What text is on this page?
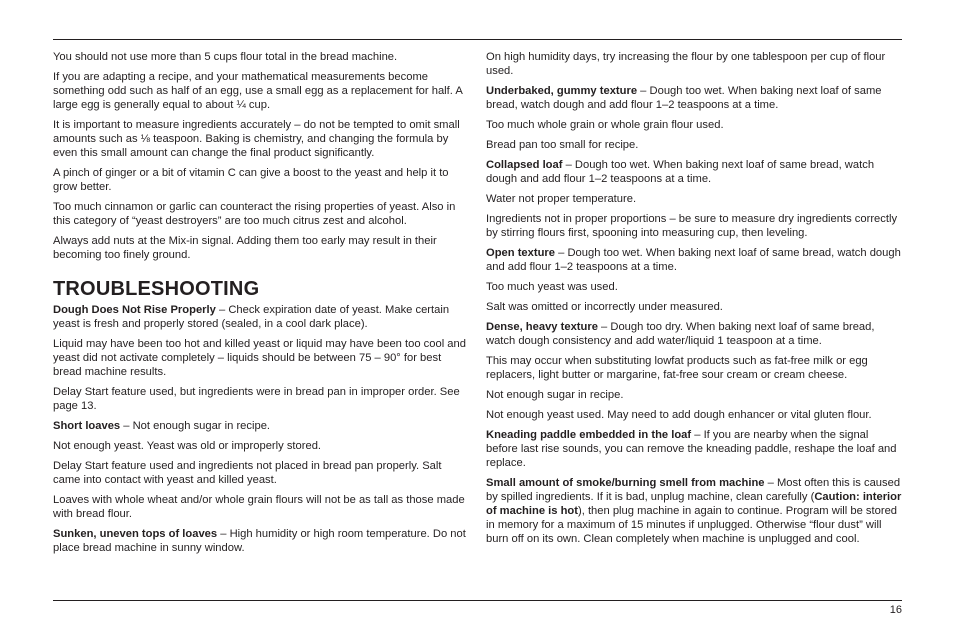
You should not use more than 5 cups flour total in the bread machine.

If you are adapting a recipe, and your mathematical measurements become something odd such as half of an egg, use a small egg as a replacement for half. A large egg is generally equal to about ¼ cup.

It is important to measure ingredients accurately – do not be tempted to omit small amounts such as ⅛ teaspoon. Baking is chemistry, and changing the formula by even this small amount can change the final product significantly.

A pinch of ginger or a bit of vitamin C can give a boost to the yeast and help it to grow better.

Too much cinnamon or garlic can counteract the rising properties of yeast. Also in this category of “yeast destroyers” are too much citrus zest and alcohol.

Always add nuts at the Mix-in signal. Adding them too early may result in their becoming too finely ground.

TROUBLESHOOTING

Dough Does Not Rise Properly – Check expiration date of yeast. Make certain yeast is fresh and properly stored (sealed, in a cool dark place).

Liquid may have been too hot and killed yeast or liquid may have been too cool and yeast did not activate completely – liquids should be between 75 – 90° for best bread machine results.

Delay Start feature used, but ingredients were in bread pan in improper order. See page 13.

Short loaves – Not enough sugar in recipe.

Not enough yeast. Yeast was old or improperly stored.

Delay Start feature used and ingredients not placed in bread pan properly. Salt came into contact with yeast and killed yeast.

Loaves with whole wheat and/or whole grain flours will not be as tall as those made with bread flour.

Sunken, uneven tops of loaves – High humidity or high room temperature. Do not place bread machine in sunny window.

On high humidity days, try increasing the flour by one tablespoon per cup of flour used.

Underbaked, gummy texture – Dough too wet. When baking next loaf of same bread, watch dough and add flour 1–2 teaspoons at a time.

Too much whole grain or whole grain flour used.

Bread pan too small for recipe.

Collapsed loaf – Dough too wet. When baking next loaf of same bread, watch dough and add flour 1–2 teaspoons at a time.

Water not proper temperature.

Ingredients not in proper proportions – be sure to measure dry ingredients correctly by stirring flours first, spooning into measuring cup, then leveling.

Open texture – Dough too wet. When baking next loaf of same bread, watch dough and add flour 1–2 teaspoons at a time.

Too much yeast was used.

Salt was omitted or incorrectly under measured.

Dense, heavy texture – Dough too dry. When baking next loaf of same bread, watch dough consistency and add water/liquid 1 teaspoon at a time.

This may occur when substituting lowfat products such as fat-free milk or egg replacers, light butter or margarine, fat-free sour cream or cream cheese.

Not enough sugar in recipe.

Not enough yeast used. May need to add dough enhancer or vital gluten flour.

Kneading paddle embedded in the loaf – If you are nearby when the signal before last rise sounds, you can remove the kneading paddle, reshape the loaf and replace.

Small amount of smoke/burning smell from machine – Most often this is caused by spilled ingredients. If it is bad, unplug machine, clean carefully (Caution: interior of machine is hot), then plug machine in again to continue. Program will be stored in memory for a maximum of 15 minutes if unplugged. Otherwise “flour dust” will burn off on its own. Clean completely when machine is unplugged and cool.

16
